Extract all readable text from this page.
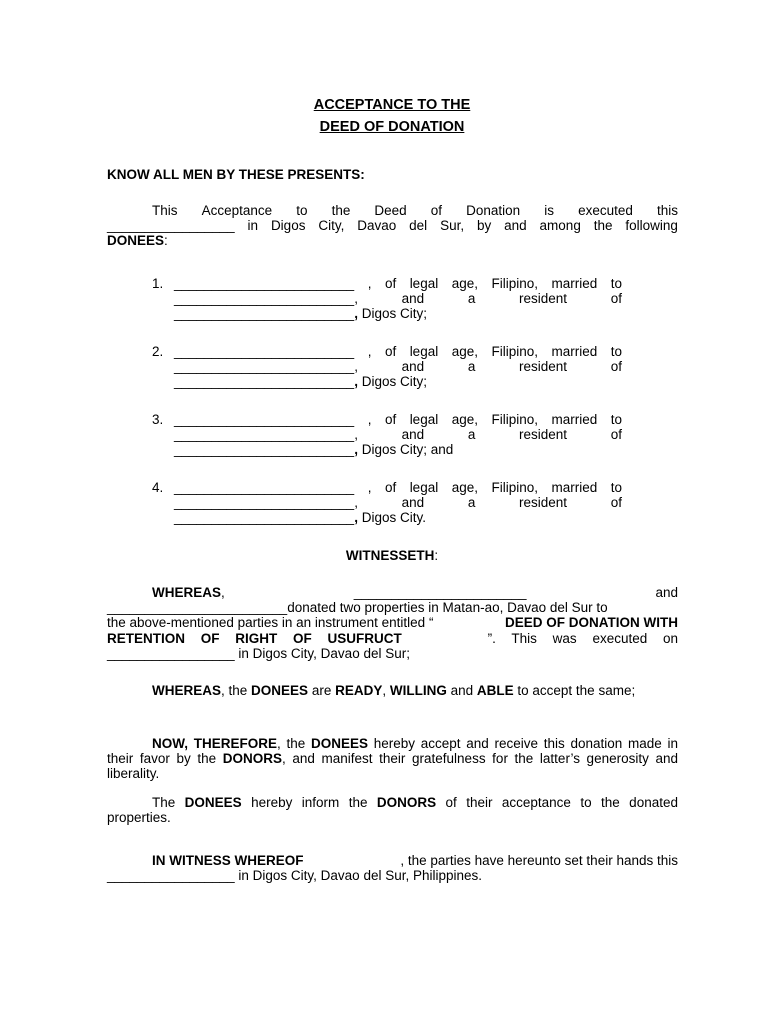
ACCEPTANCE TO THE
DEED OF DONATION
KNOW ALL MEN BY THESE PRESENTS:
This Acceptance to the Deed of Donation is executed this
_________________ in Digos City, Davao del Sur, by and among the following
DONEES:
1. ________________________ , of legal age, Filipino, married to
________________________,	and	a	resident	of
________________________ , Digos City;
2. ________________________ , of legal age, Filipino, married to
________________________,	and	a	resident	of
________________________ , Digos City;
3. ________________________ , of legal age, Filipino, married to
________________________,	and	a	resident	of
________________________ , Digos City; and
4. ________________________ , of legal age, Filipino, married to
________________________,	and	a	resident	of
________________________ , Digos City.
WITNESSETH:
WHEREAS,	_______________________	and
________________________donated two properties in Matan-ao, Davao del Sur to
the above-mentioned parties in an instrument entitled “	DEED OF DONATION WITH
RETENTION OF RIGHT OF USUFRUCT	”. This was executed on
_________________ in Digos City, Davao del Sur;
WHEREAS, the DONEES are READY, WILLING and ABLE to accept the same;
NOW, THEREFORE, the DONEES hereby accept and receive this donation made in their favor by the DONORS, and manifest their gratefulness for the latter’s generosity and liberality.
The DONEES hereby inform the DONORS of their acceptance to the donated properties.
IN WITNESS WHEREOF	, the parties have hereunto set their hands this
_________________ in Digos City, Davao del Sur, Philippines.
